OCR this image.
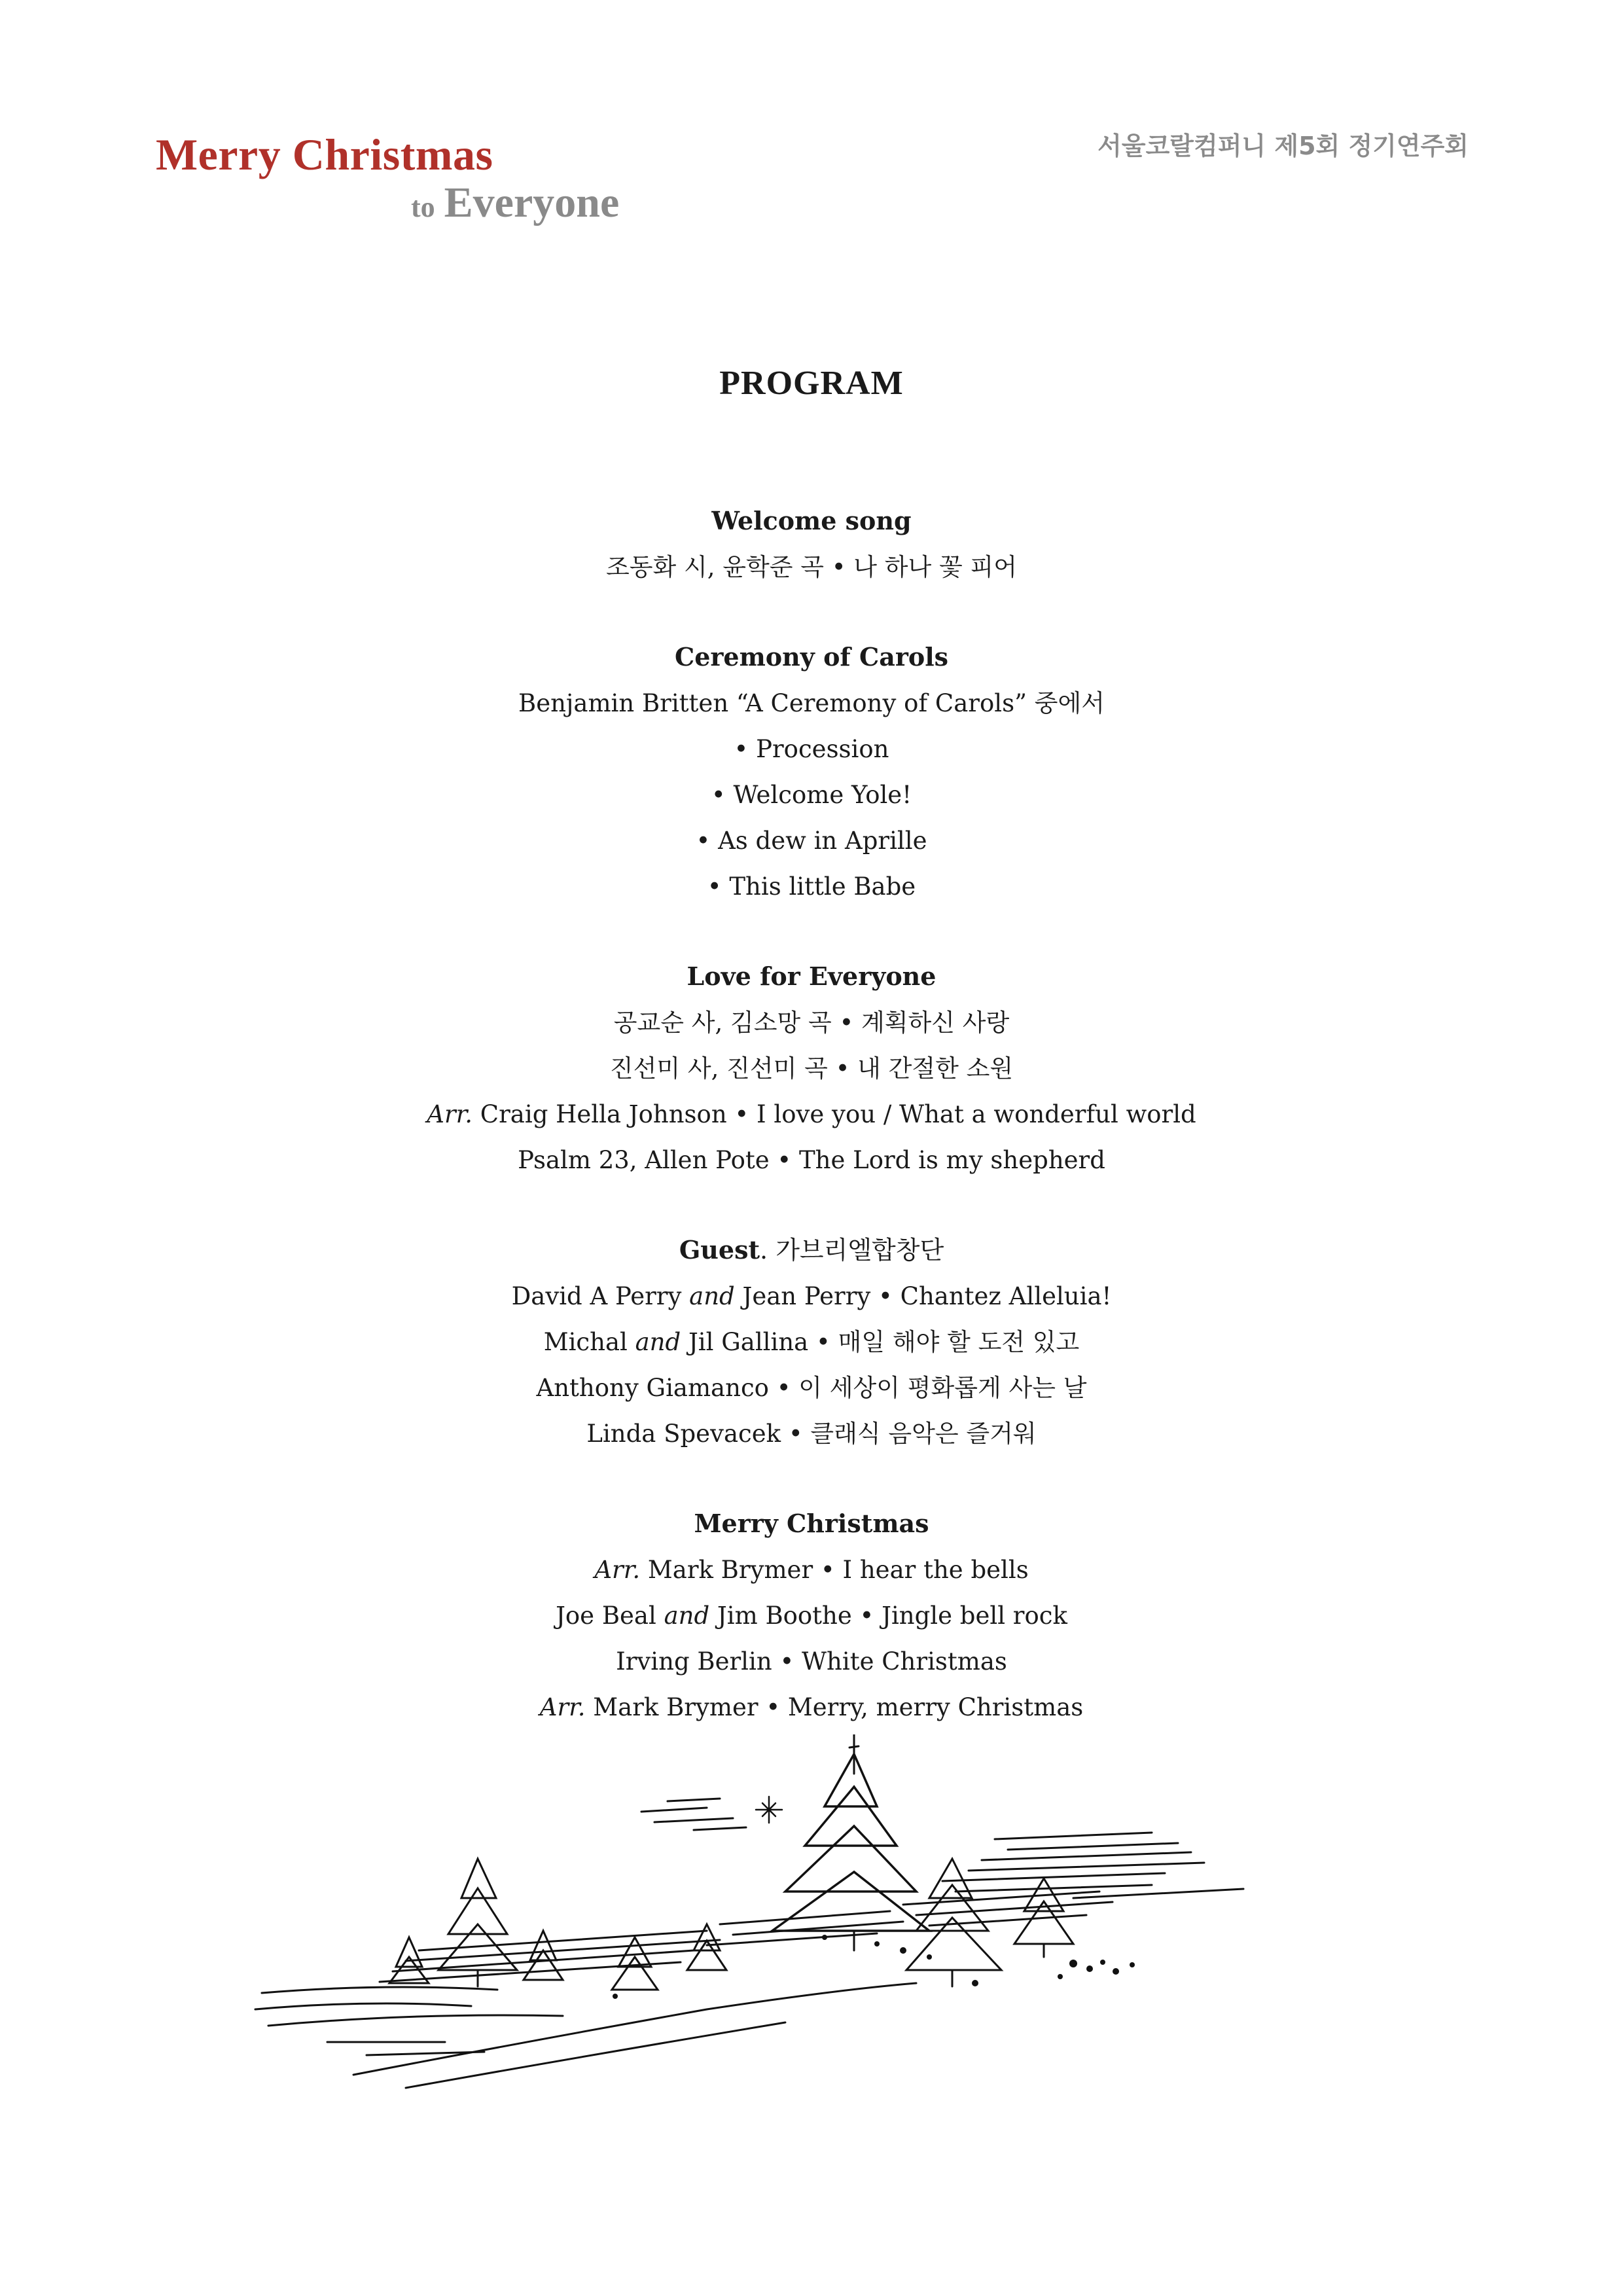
Merry Christmas
to Everyone
서울코랄컴퍼니 제5회 정기연주회
PROGRAM
Welcome song
조동화 시, 윤학준 곡 • 나 하나 꽃 피어
Ceremony of Carols
Benjamin Britten “A Ceremony of Carols” 중에서
• Procession
• Welcome Yole!
• As dew in Aprille
• This little Babe
Love for Everyone
공교순 사, 김소망 곡 • 계획하신 사랑
진선미 사, 진선미 곡 • 내 간절한 소원
Arr. Craig Hella Johnson • I love you / What a wonderful world
Psalm 23, Allen Pote • The Lord is my shepherd
Guest. 가브리엘합창단
David A Perry and Jean Perry • Chantez Alleluia!
Michal and Jil Gallina • 매일 해야 할 도전 있고
Anthony Giamanco • 이 세상이 평화롭게 사는 날
Linda Spevacek • 클래식 음악은 즐거워
Merry Christmas
Arr. Mark Brymer • I hear the bells
Joe Beal and Jim Boothe • Jingle bell rock
Irving Berlin • White Christmas
Arr. Mark Brymer • Merry, merry Christmas
